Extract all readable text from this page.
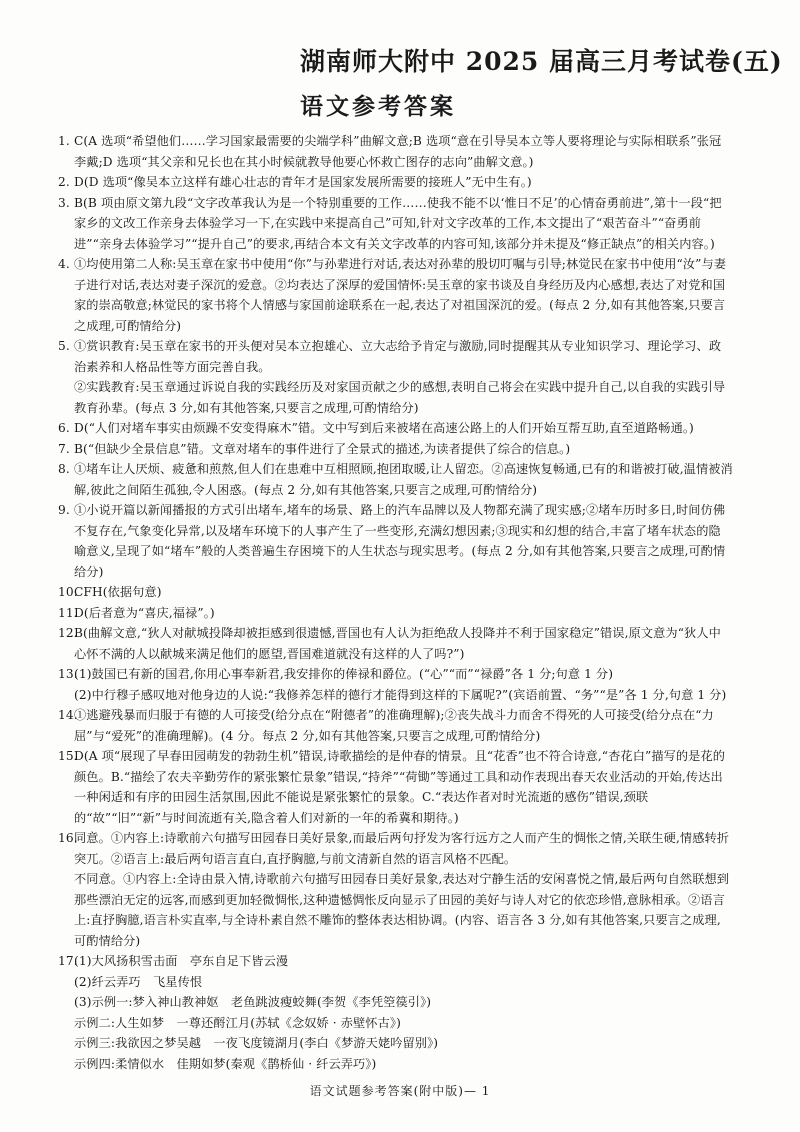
湖南师大附中 2025 届高三月考试卷(五)
语文参考答案
1. C(A 选项“希望他们……学习国家最需要的尖端学科”曲解文意;B 选项“意在引导吴本立等人要将理论与实际相联系”张冠李戴;D 选项“其父亲和兄长也在其小时候就教导他要心怀救亡图存的志向”曲解文意。)
2. D(D 选项“像吴本立这样有雄心壮志的青年才是国家发展所需要的接班人”无中生有。)
3. B(B 项由原文第九段“文字改革我认为是一个特别重要的工作……使我不能不以‘惟日不足’的心情奋勇前进”,第十一段“把家乡的文改工作亲身去体验学习一下,在实践中来提高自己”可知,针对文字改革的工作,本文提出了“艰苦奋斗”“奋勇前进”“亲身去体验学习”“提升自己”的要求,再结合本文有关文字改革的内容可知,该部分并未提及“修正缺点”的相关内容。)
4. ①均使用第二人称:吴玉章在家书中使用“你”与孙辈进行对话,表达对孙辈的殷切叮嘱与引导;林觉民在家书中使用“汝”与妻子进行对话,表达对妻子深沉的爱意。②均表达了深厚的爱国情怀:吴玉章的家书谈及自身经历及内心感想,表达了对党和国家的崇高敬意;林觉民的家书将个人情感与家国前途联系在一起,表达了对祖国深沉的爱。(每点 2 分,如有其他答案,只要言之成理,可酌情给分)
5. ①赏识教育:吴玉章在家书的开头便对吴本立抱雄心、立大志给予肯定与激励,同时提醒其从专业知识学习、理论学习、政治素养和人格品性等方面完善自我。
②实践教育:吴玉章通过诉说自我的实践经历及对家国贡献之少的感想,表明自己将会在实践中提升自己,以自我的实践引导教育孙辈。(每点 3 分,如有其他答案,只要言之成理,可酌情给分)
6. D(“人们对堵车事实由烦躁不安变得麻木”错。文中写到后来被堵在高速公路上的人们开始互帮互助,直至道路畅通。)
7. B(“但缺少全景信息”错。文章对堵车的事件进行了全景式的描述,为读者提供了综合的信息。)
8. ①堵车让人厌烦、疲惫和煎熬,但人们在患难中互相照顾,抱团取暖,让人留恋。②高速恢复畅通,已有的和谐被打破,温情被消解,彼此之间陌生孤独,令人困惑。(每点 2 分,如有其他答案,只要言之成理,可酌情给分)
9. ①小说开篇以新闻播报的方式引出堵车,堵车的场景、路上的汽车品牌以及人物都充满了现实感;②堵车历时多日,时间仿佛不复存在,气象变化异常,以及堵车环境下的人事产生了一些变形,充满幻想因素;③现实和幻想的结合,丰富了堵车状态的隐喻意义,呈现了如“堵车”般的人类普遍生存困境下的人生状态与现实思考。(每点 2 分,如有其他答案,只要言之成理,可酌情给分)
10.
CFH(依据句意)
11.
D(后者意为“喜庆,福禄”。)
12.
B(曲解文意,“狄人对献城投降却被拒感到很遗憾,晋国也有人认为拒绝敌人投降并不利于国家稳定”错误,原文意为“狄人中心怀不满的人以献城来满足他们的愿望,晋国难道就没有这样的人了吗?”)
13.
(1)鼓国已有新的国君,你用心事奉新君,我安排你的俸禄和爵位。(“心”“而”“禄爵”各 1 分;句意 1 分)
(2)中行穆子感叹地对他身边的人说:“我修养怎样的德行才能得到这样的下属呢?”(宾语前置、“务”“是”各 1 分,句意 1 分)
14.
①逃避残暴而归服于有德的人可接受(给分点在“附德者”的准确理解);②丧失战斗力而舍不得死的人可接受(给分点在“力屈”与“爱死”的准确理解)。(4 分。每点 2 分,如有其他答案,只要言之成理,可酌情给分)
15.
D(A 项“展现了早春田园萌发的勃勃生机”错误,诗歌描绘的是仲春的情景。且“花香”也不符合诗意,“杏花白”描写的是花的颜色。B.“描绘了农夫辛勤劳作的紧张繁忙景象”错误,“持斧”“荷锄”等通过工具和动作表现出春天农业活动的开始,传达出一种闲适和有序的田园生活氛围,因此不能说是紧张繁忙的景象。C.“表达作者对时光流逝的感伤”错误,颈联的“故”“旧”“新”与时间流逝有关,隐含着人们对新的一年的希冀和期待。)
16.
同意。①内容上:诗歌前六句描写田园春日美好景象,而最后两句抒发为客行远方之人而产生的惆怅之情,关联生硬,情感转折突兀。②语言上:最后两句语言直白,直抒胸臆,与前文清新自然的语言风格不匹配。
不同意。①内容上:全诗由景入情,诗歌前六句描写田园春日美好景象,表达对宁静生活的安闲喜悦之情,最后两句自然联想到那些漂泊无定的远客,而感到更加轻微惆怅,这种遗憾惆怅反向显示了田园的美好与诗人对它的依恋珍惜,意脉相承。②语言上:直抒胸臆,语言朴实直率,与全诗朴素自然不雕饰的整体表达相协调。(内容、语言各 3 分,如有其他答案,只要言之成理,可酌情给分)
17.
(1)大风扬积雪击面　亭东自足下皆云漫
(2)纤云弄巧　飞星传恨
(3)示例一:梦入神山教神妪　老鱼跳波瘦蛟舞(李贺《李凭箜篌引》)
示例二:人生如梦　一尊还酹江月(苏轼《念奴娇 · 赤壁怀古》)
示例三:我欲因之梦吴越　一夜飞度镜湖月(李白《梦游天姥吟留别》)
示例四:柔情似水　佳期如梦(秦观《鹊桥仙 · 纤云弄巧》)
语文试题参考答案(附中版)— 1
